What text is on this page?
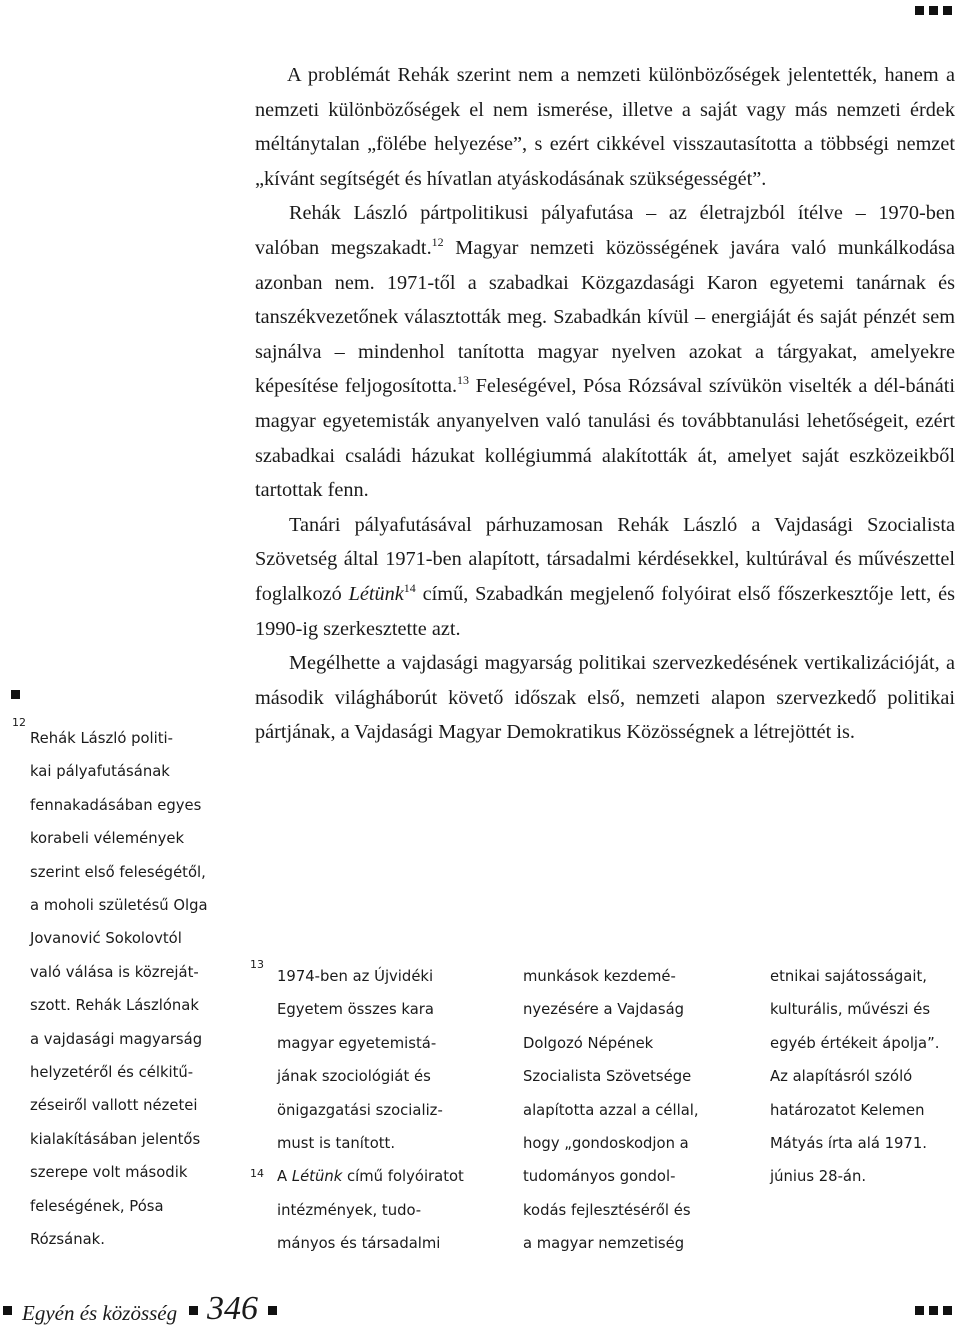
A problémát Rehák szerint nem a nemzeti különbözőségek jelentették, hanem a nemzeti különbözőségek el nem ismerése, illetve a saját vagy más nemzeti érdek méltánytalan „fölébe helyezése”, s ezért cikkével visszautasította a többségi nemzet „kívánt segítségét és hívatlan atyáskodásának szükségességét”.

Rehák László pártpolitikusi pályafutása – az életrajzból ítélve – 1970-ben valóban megszakadt.$^{12}$ Magyar nemzeti közösségének javára való munkálkodása azonban nem. 1971-től a szabadkai Közgazdasági Karon egyetemi tanárnak és tanszékvezetőnek választották meg. Szabadkán kívül – energiáját és saját pénzét sem sajnálva – mindenhol tanította magyar nyelven azokat a tárgyakat, amelyekre képesítése feljogosította.$^{13}$ Feleségével, Pósa Rózsával szívükön viselték a dél-bánáti magyar egyetemisták anyanyelven való tanulási és továbbtanulási lehetőségeit, ezért szabadkai családi házukat kollégiummá alakították át, amelyet saját eszközeikből tartottak fenn.

Tanári pályafutásával párhuzamosan Rehák László a Vajdasági Szocialista Szövetség által 1971-ben alapított, társadalmi kérdésekkel, kultúrával és művészettel foglalkozó Létünk$^{14}$ című, Szabadkán megjelenő folyóirat első főszerkesztője lett, és 1990-ig szerkesztette azt.

Megélhette a vajdasági magyarság politikai szervezkedésének vertikalizációját, a második világháborút követő időszak első, nemzeti alapon szervezkedő politikai pártjának, a Vajdasági Magyar Demokratikus Közösségnek a létrejöttét is.

12
Rehák László politi-
kai pályafutásának
fennakadásában egyes
korabeli vélemények
szerint első feleségétől,
a moholi születésű Olga
Jovanović Sokolovtól
való válása is közreját-
szott. Rehák Lászlónak
a vajdasági magyarság
helyzetéről és célkitű-
zéseiről vallott nézetei
kialakításában jelentős
szerepe volt második
feleségének, Pósa
Rózsának.
13
14
1974-ben az Újvidéki
Egyetem összes kara
magyar egyetemistá-
jának szociológiát és
önigazgatási szocializ-
must is tanított.
A Létünk című folyóiratot
intézmények, tudo-
mányos és társadalmi
munkások kezdemé-
nyezésére a Vajdaság
Dolgozó Népének
Szocialista Szövetsége
alapította azzal a céllal,
hogy „gondoskodjon a
tudományos gondol-
kodás fejlesztéséről és
a magyar nemzetiség
etnikai sajátosságait,
kulturális, művészi és
egyéb értékeit ápolja”.
Az alapításról szóló
határozatot Kelemen
Mátyás írta alá 1971.
június 28-án.
Egyén és közösség 346
